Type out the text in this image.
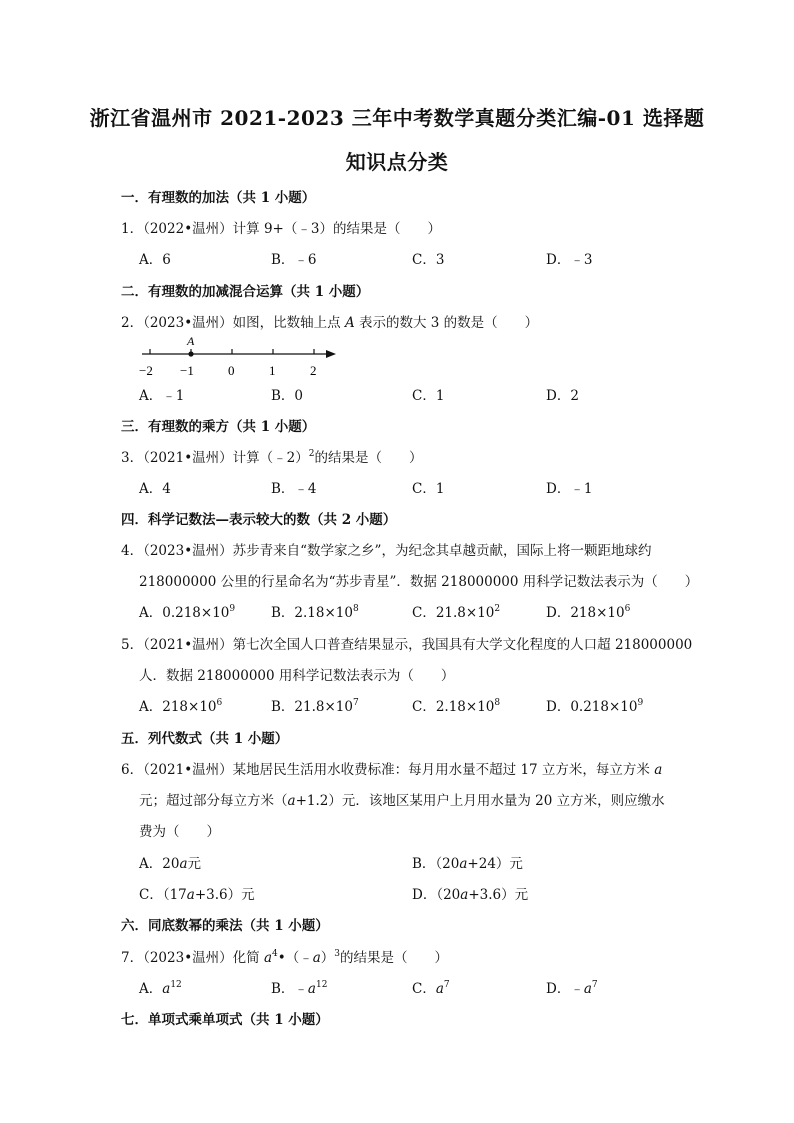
浙江省温州市 2021-2023 三年中考数学真题分类汇编-01 选择题
知识点分类
一．有理数的加法（共 1 小题）
1．（2022•温州）计算 9+（﹣3）的结果是（　　）
A．6	B．﹣6	C．3	D．﹣3
二．有理数的加减混合运算（共 1 小题）
2．（2023•温州）如图，比数轴上点 A 表示的数大 3 的数是（　　）
A
−2 −1	0	1	2
A．﹣1	B．0	C．1	D．2
三．有理数的乘方（共 1 小题）
3．（2021•温州）计算（﹣2）$^2$的结果是（　　）
A．4	B．﹣4	C．1	D．﹣1
四．科学记数法—表示较大的数（共 2 小题）
4．（2023•温州）苏步青来自“数学家之乡”，为纪念其卓越贡献，国际上将一颗距地球约
218000000 公里的行星命名为“苏步青星”．数据 218000000 用科学记数法表示为（　　）
A．$0.218\times 10^9$	B．$2.18\times 10^8$	C．$21.8\times 10^2$	D．$218\times 10^6$
5．（2021•温州）第七次全国人口普查结果显示，我国具有大学文化程度的人口超 218000000
人．数据 218000000 用科学记数法表示为（　　）
A．$218\times 10^6$	B．$21.8\times 10^7$	C．$2.18\times 10^8$	D．$0.218\times 10^9$
五．列代数式（共 1 小题）
6．（2021•温州）某地居民生活用水收费标准：每月用水量不超过 17 立方米，每立方米 a
元；超过部分每立方米（a+1.2）元．该地区某用户上月用水量为 20 立方米，则应缴水
费为（　　）
A．20a元	B．（20a+24）元
C．（17a+3.6）元	D．（20a+3.6）元
六．同底数幂的乘法（共 1 小题）
7．（2023•温州）化简 $a^4•(﹣a)^3$的结果是（　　）
A．$a^{12}$	B．$﹣a^{12}$	C．$a^7$	D．$﹣a^7$
七．单项式乘单项式（共 1 小题）
